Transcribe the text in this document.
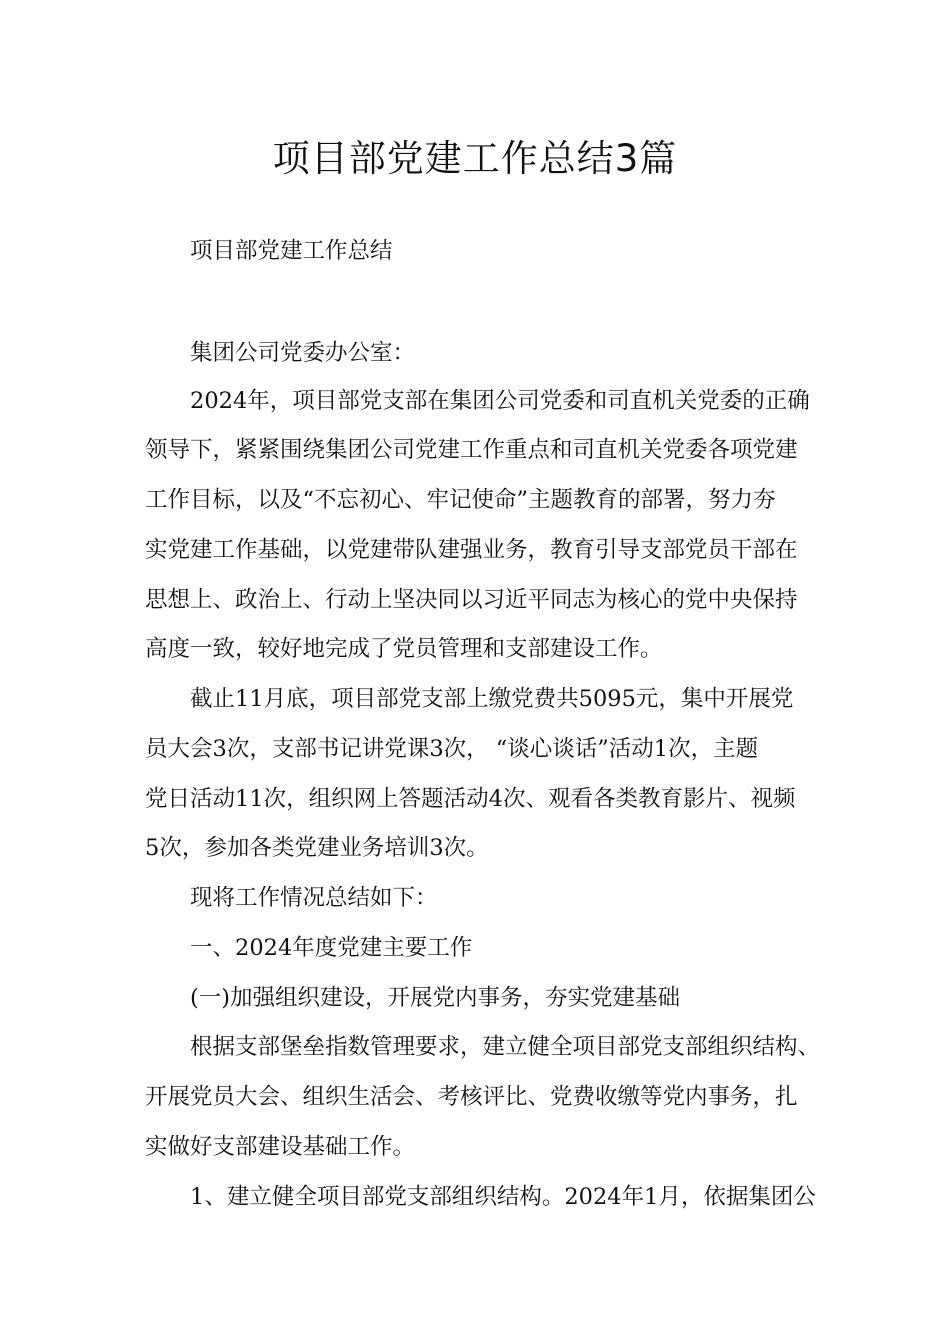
项目部党建工作总结3篇

项目部党建工作总结

集团公司党委办公室：

2024年，项目部党支部在集团公司党委和司直机关党委的正确

领导下，紧紧围绕集团公司党建工作重点和司直机关党委各项党建

工作目标，以及“不忘初心、牢记使命”主题教育的部署，努力夯

实党建工作基础，以党建带队建强业务，教育引导支部党员干部在

思想上、政治上、行动上坚决同以习近平同志为核心的党中央保持

高度一致，较好地完成了党员管理和支部建设工作。

截止11月底，项目部党支部上缴党费共5095元，集中开展党

员大会3次，支部书记讲党课3次， “谈心谈话”活动1次，主题

党日活动11次，组织网上答题活动4次、观看各类教育影片、视频

5次，参加各类党建业务培训3次。

现将工作情况总结如下：

一、2024年度党建主要工作

(一)加强组织建设，开展党内事务，夯实党建基础

根据支部堡垒指数管理要求，建立健全项目部党支部组织结构、

开展党员大会、组织生活会、考核评比、党费收缴等党内事务，扎

实做好支部建设基础工作。

1、建立健全项目部党支部组织结构。2024年1月，依据集团公
